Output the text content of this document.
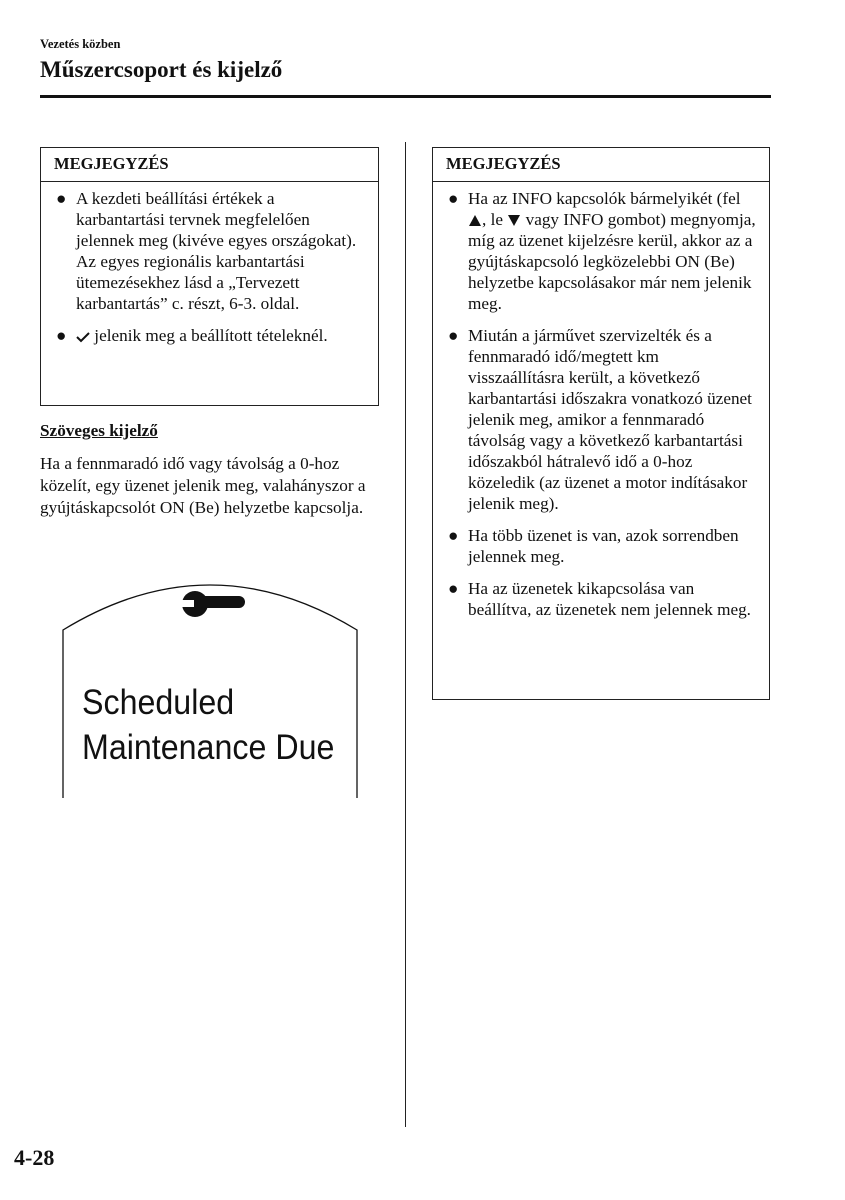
Vezetés közben
Műszercsoport és kijelző
MEGJEGYZÉS
● A kezdeti beállítási értékek a karbantartási tervnek megfelelően jelennek meg (kivéve egyes országokat). Az egyes regionális karbantartási ütemezésekhez lásd a „Tervezett karbantartás” c. részt, 6-3. oldal.
● jelenik meg a beállított tételeknél.
Szöveges kijelző
Ha a fennmaradó idő vagy távolság a 0-hoz közelít, egy üzenet jelenik meg, valahányszor a gyújtáskapcsolót ON (Be) helyzetbe kapcsolja.
Scheduled
Maintenance Due
MEGJEGYZÉS
● Ha az INFO kapcsolók bármelyikét (fel , le vagy INFO gombot) megnyomja, míg az üzenet kijelzésre kerül, akkor az a gyújtáskapcsoló legközelebbi ON (Be) helyzetbe kapcsolásakor már nem jelenik meg.
● Miután a járművet szervizelték és a fennmaradó idő/megtett km visszaállításra került, a következő karbantartási időszakra vonatkozó üzenet jelenik meg, amikor a fennmaradó távolság vagy a következő karbantartási időszakból hátralevő idő a 0-hoz közeledik (az üzenet a motor indításakor jelenik meg).
● Ha több üzenet is van, azok sorrendben jelennek meg.
● Ha az üzenetek kikapcsolása van beállítva, az üzenetek nem jelennek meg.
4-28
